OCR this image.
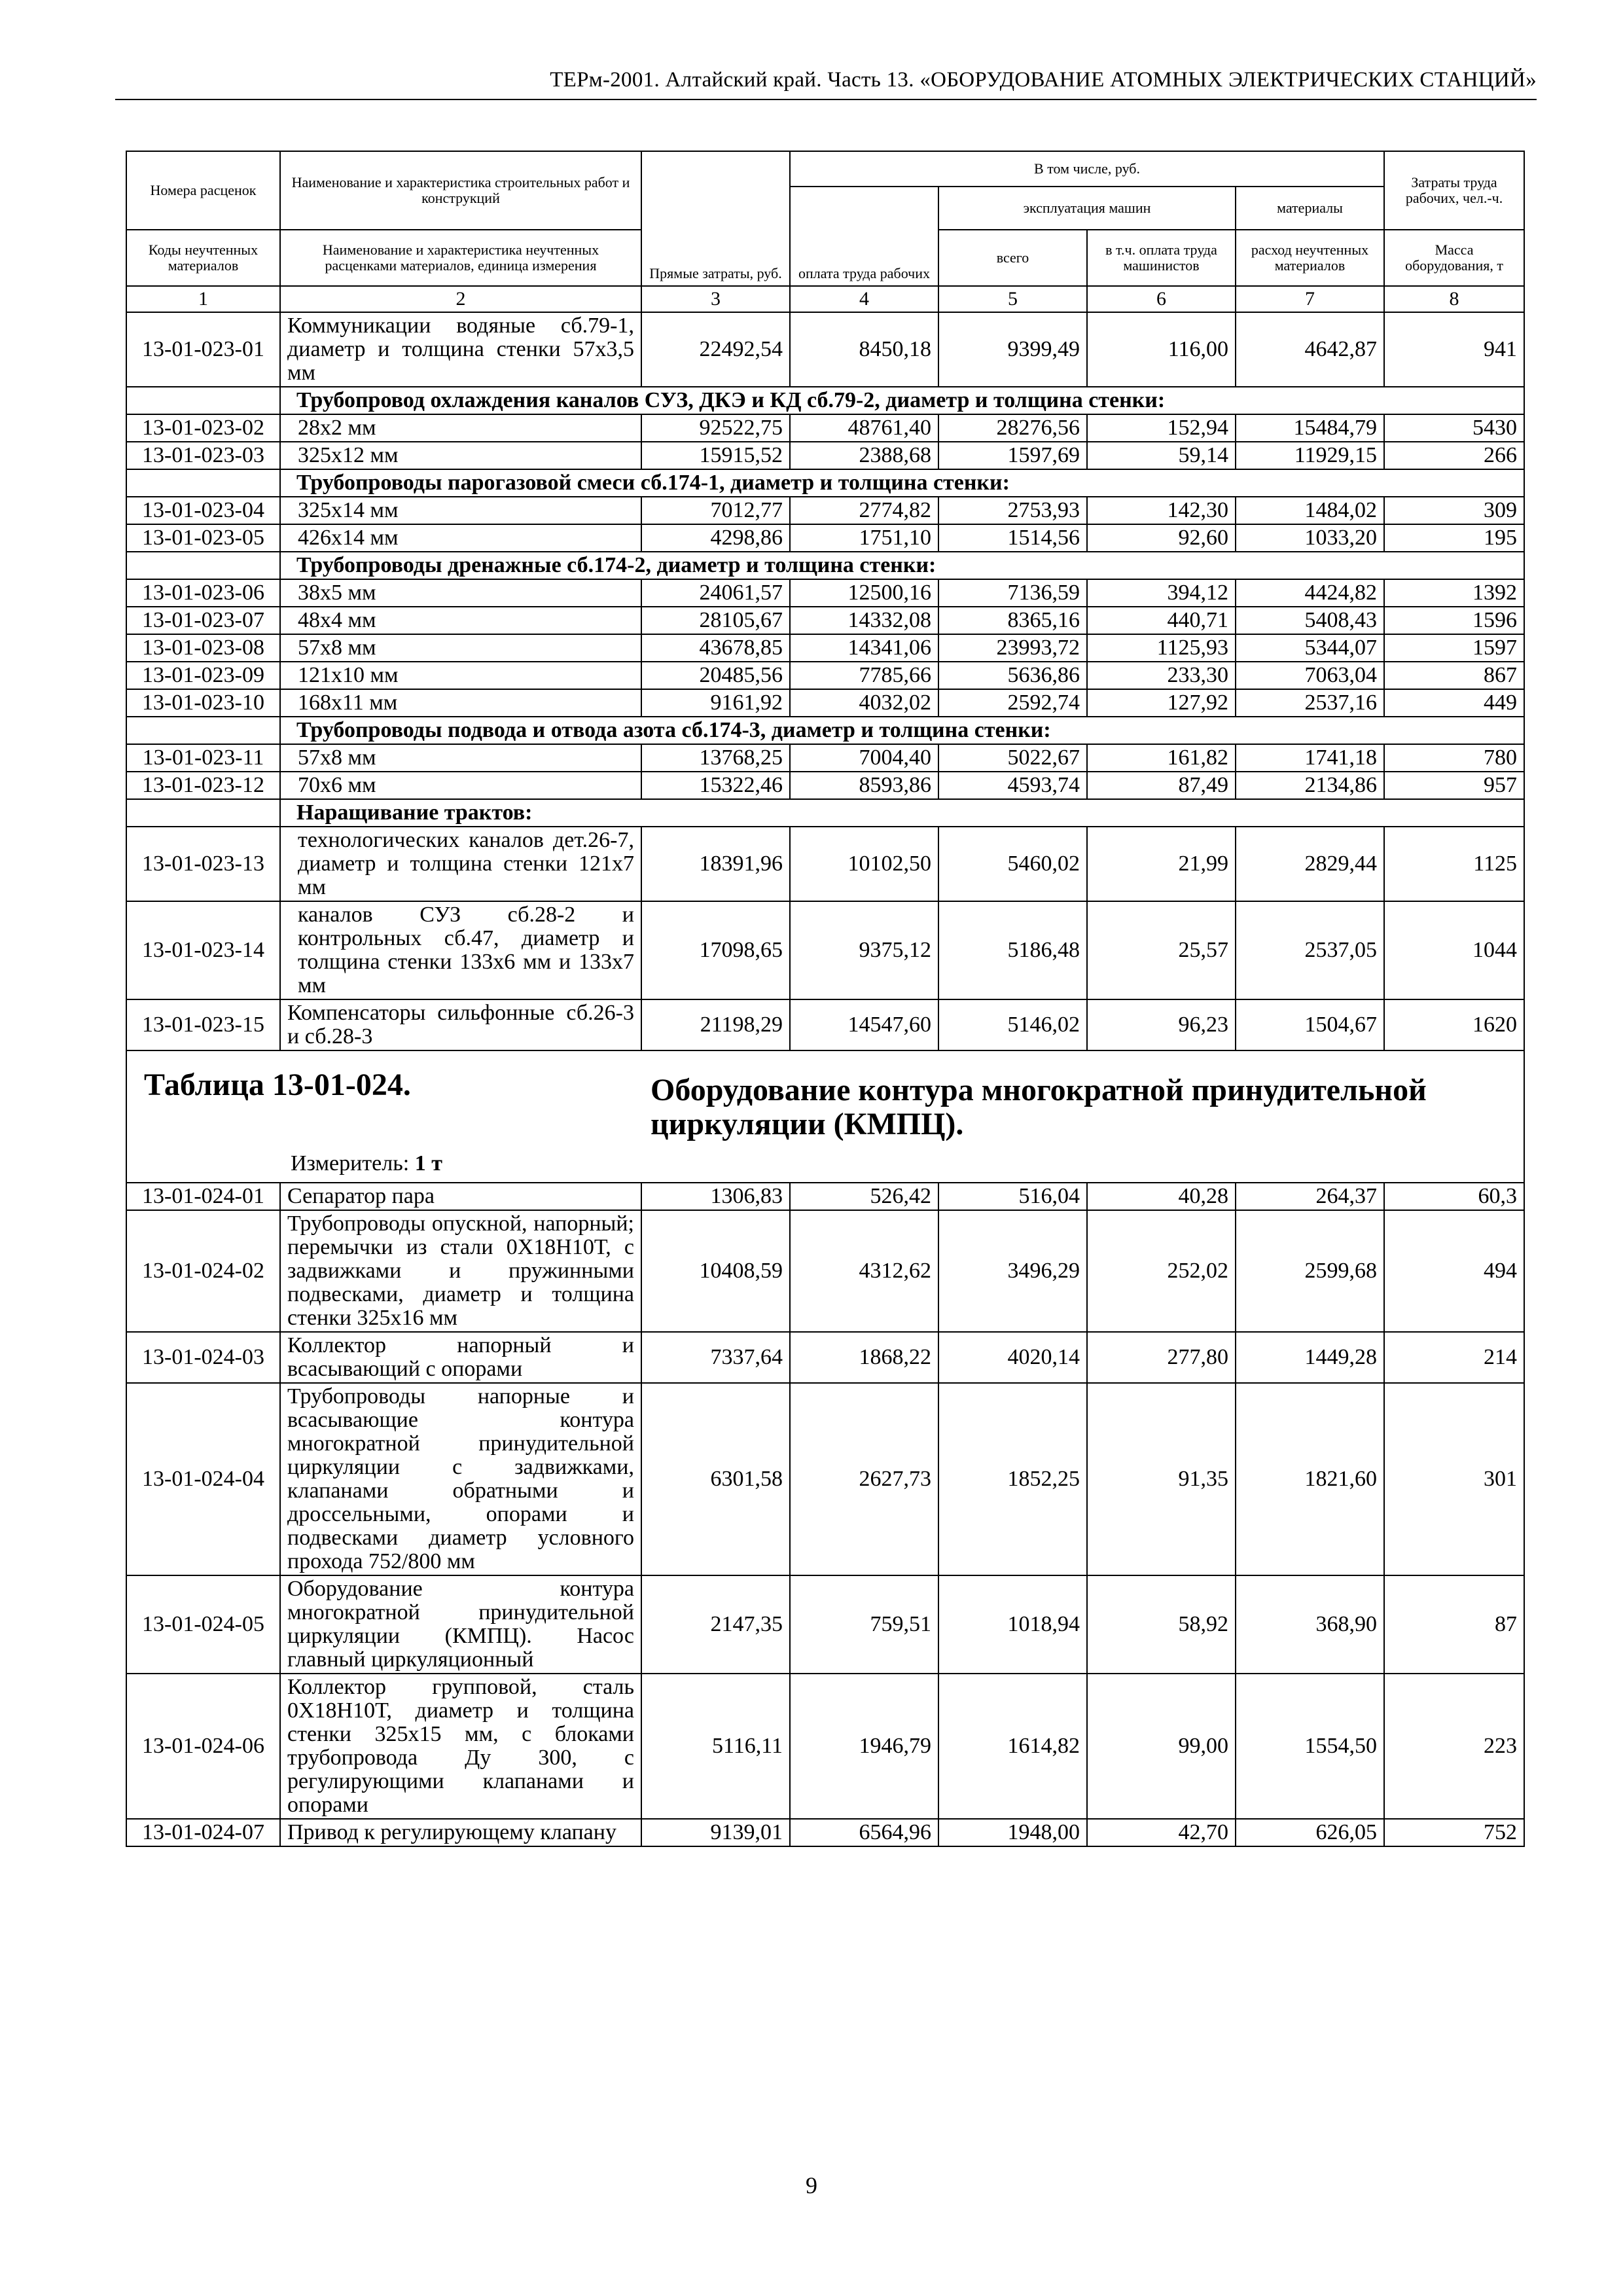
ТЕРм-2001. Алтайский край. Часть 13. «ОБОРУДОВАНИЕ АТОМНЫХ ЭЛЕКТРИЧЕСКИХ СТАНЦИЙ»
Номера расценок	Наименование и характеристика строительных работ и конструкций	Прямые затраты, руб.	В том числе, руб.				Затраты труда рабочих, чел.-ч.
			оплата труда рабочих	эксплуатация машин		материалы	
				всего	в т.ч. оплата труда машинистов	расход неучтенных материалов	
Коды неучтенных материалов	Наименование и характеристика неучтенных расценками материалов, единица измерения						Масса оборудования, т

1	2	3	4	5	6	7	8
13-01-023-01	Коммуникации водяные сб.79-1, диаметр и толщина стенки 57х3,5 мм	22492,54	8450,18	9399,49	116,00	4642,87	941
	Трубопровод охлаждения каналов СУЗ, ДКЭ и КД сб.79-2, диаметр и толщина стенки:						
13-01-023-02	28х2 мм	92522,75	48761,40	28276,56	152,94	15484,79	5430
13-01-023-03	325х12 мм	15915,52	2388,68	1597,69	59,14	11929,15	266
	Трубопроводы парогазовой смеси сб.174-1, диаметр и толщина стенки:						
13-01-023-04	325х14 мм	7012,77	2774,82	2753,93	142,30	1484,02	309
13-01-023-05	426х14 мм	4298,86	1751,10	1514,56	92,60	1033,20	195
	Трубопроводы дренажные сб.174-2, диаметр и толщина стенки:						
13-01-023-06	38х5 мм	24061,57	12500,16	7136,59	394,12	4424,82	1392
13-01-023-07	48х4 мм	28105,67	14332,08	8365,16	440,71	5408,43	1596
13-01-023-08	57х8 мм	43678,85	14341,06	23993,72	1125,93	5344,07	1597
13-01-023-09	121х10 мм	20485,56	7785,66	5636,86	233,30	7063,04	867
13-01-023-10	168х11 мм	9161,92	4032,02	2592,74	127,92	2537,16	449
	Трубопроводы подвода и отвода азота сб.174-3, диаметр и толщина стенки:						
13-01-023-11	57х8 мм	13768,25	7004,40	5022,67	161,82	1741,18	780
13-01-023-12	70х6 мм	15322,46	8593,86	4593,74	87,49	2134,86	957
	Наращивание трактов:						
13-01-023-13	технологических каналов дет.26-7, диаметр и толщина стенки 121х7 мм	18391,96	10102,50	5460,02	21,99	2829,44	1125
13-01-023-14	каналов СУЗ сб.28-2 и контрольных сб.47, диаметр и толщина стенки 133х6 мм и 133х7 мм	17098,65	9375,12	5186,48	25,57	2537,05	1044
13-01-023-15	Компенсаторы сильфонные сб.26-3 и сб.28-3	21198,29	14547,60	5146,02	96,23	1504,67	1620

Таблица 13-01-024. Оборудование контура многократной принудительной циркуляции (КМПЦ).
Измеритель: 1 т							

13-01-024-01	Сепаратор пара	1306,83	526,42	516,04	40,28	264,37	60,3
13-01-024-02	Трубопроводы опускной, напорный; перемычки из стали 0Х18Н10Т, с задвижками и пружинными подвесками, диаметр и толщина стенки 325х16 мм	10408,59	4312,62	3496,29	252,02	2599,68	494
13-01-024-03	Коллектор напорный и всасывающий с опорами	7337,64	1868,22	4020,14	277,80	1449,28	214
13-01-024-04	Трубопроводы напорные и всасывающие контура многократной принудительной циркуляции с задвижками, клапанами обратными и дроссельными, опорами и подвесками диаметр условного прохода 752/800 мм	6301,58	2627,73	1852,25	91,35	1821,60	301
13-01-024-05	Оборудование контура многократной принудительной циркуляции (КМПЦ). Насос главный циркуляционный	2147,35	759,51	1018,94	58,92	368,90	87
13-01-024-06	Коллектор групповой, сталь 0Х18Н10Т, диаметр и толщина стенки 325х15 мм, с блоками трубопровода Ду 300, с регулирующими клапанами и опорами	5116,11	1946,79	1614,82	99,00	1554,50	223
13-01-024-07	Привод к регулирующему клапану	9139,01	6564,96	1948,00	42,70	626,05	752
9
